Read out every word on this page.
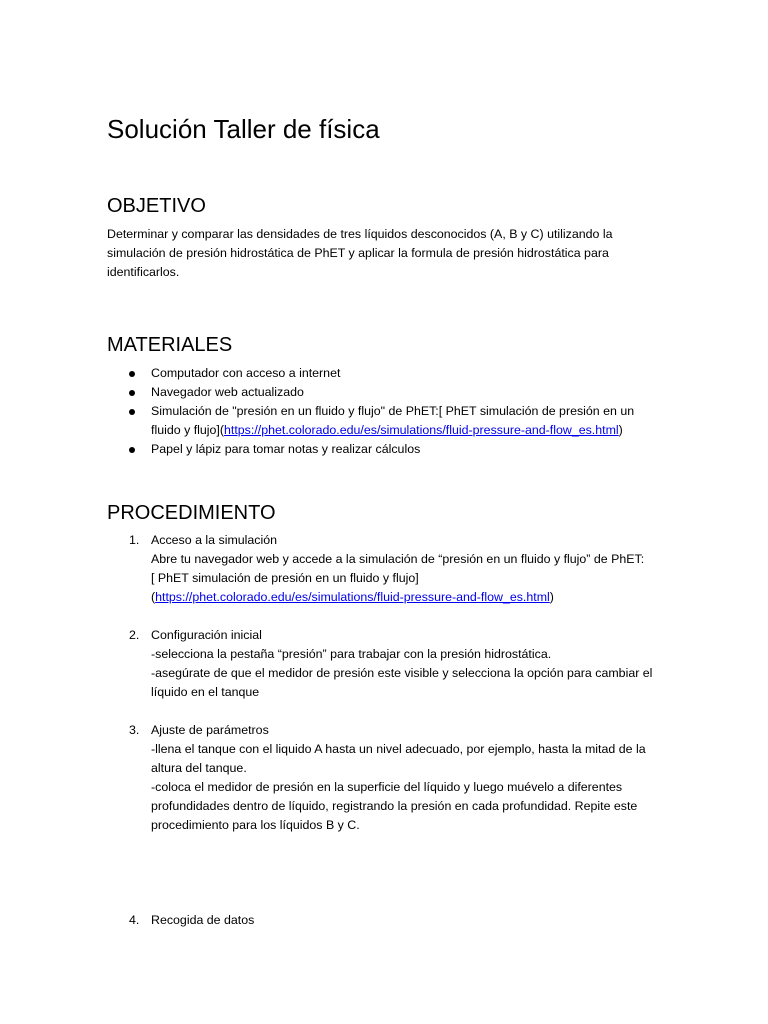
Solución Taller de física
OBJETIVO

Determinar y comparar las densidades de tres líquidos desconocidos (A, B y C) utilizando la simulación de presión hidrostática de PhET y aplicar la formula de presión hidrostática para identificarlos.

MATERIALES
Computador con acceso a internet
Navegador web actualizado
Simulación de "presión en un fluido y flujo" de PhET:[ PhET simulación de presión en un fluido y flujo](https://phet.colorado.edu/es/simulations/fluid-pressure-and-flow_es.html)
Papel y lápiz para tomar notas y realizar cálculos
PROCEDIMIENTO
1. Acceso a la simulación
Abre tu navegador web y accede a la simulación de “presión en un fluido y flujo” de PhET:
[ PhET simulación de presión en un fluido y flujo]
(https://phet.colorado.edu/es/simulations/fluid-pressure-and-flow_es.html)
2. Configuración inicial
-selecciona la pestaña “presión” para trabajar con la presión hidrostática.
-asegúrate de que el medidor de presión este visible y selecciona la opción para cambiar el líquido en el tanque
3. Ajuste de parámetros
-llena el tanque con el liquido A hasta un nivel adecuado, por ejemplo, hasta la mitad de la altura del tanque.
-coloca el medidor de presión en la superficie del líquido y luego muévelo a diferentes profundidades dentro de líquido, registrando la presión en cada profundidad. Repite este procedimiento para los líquidos B y C.
4. Recogida de datos
